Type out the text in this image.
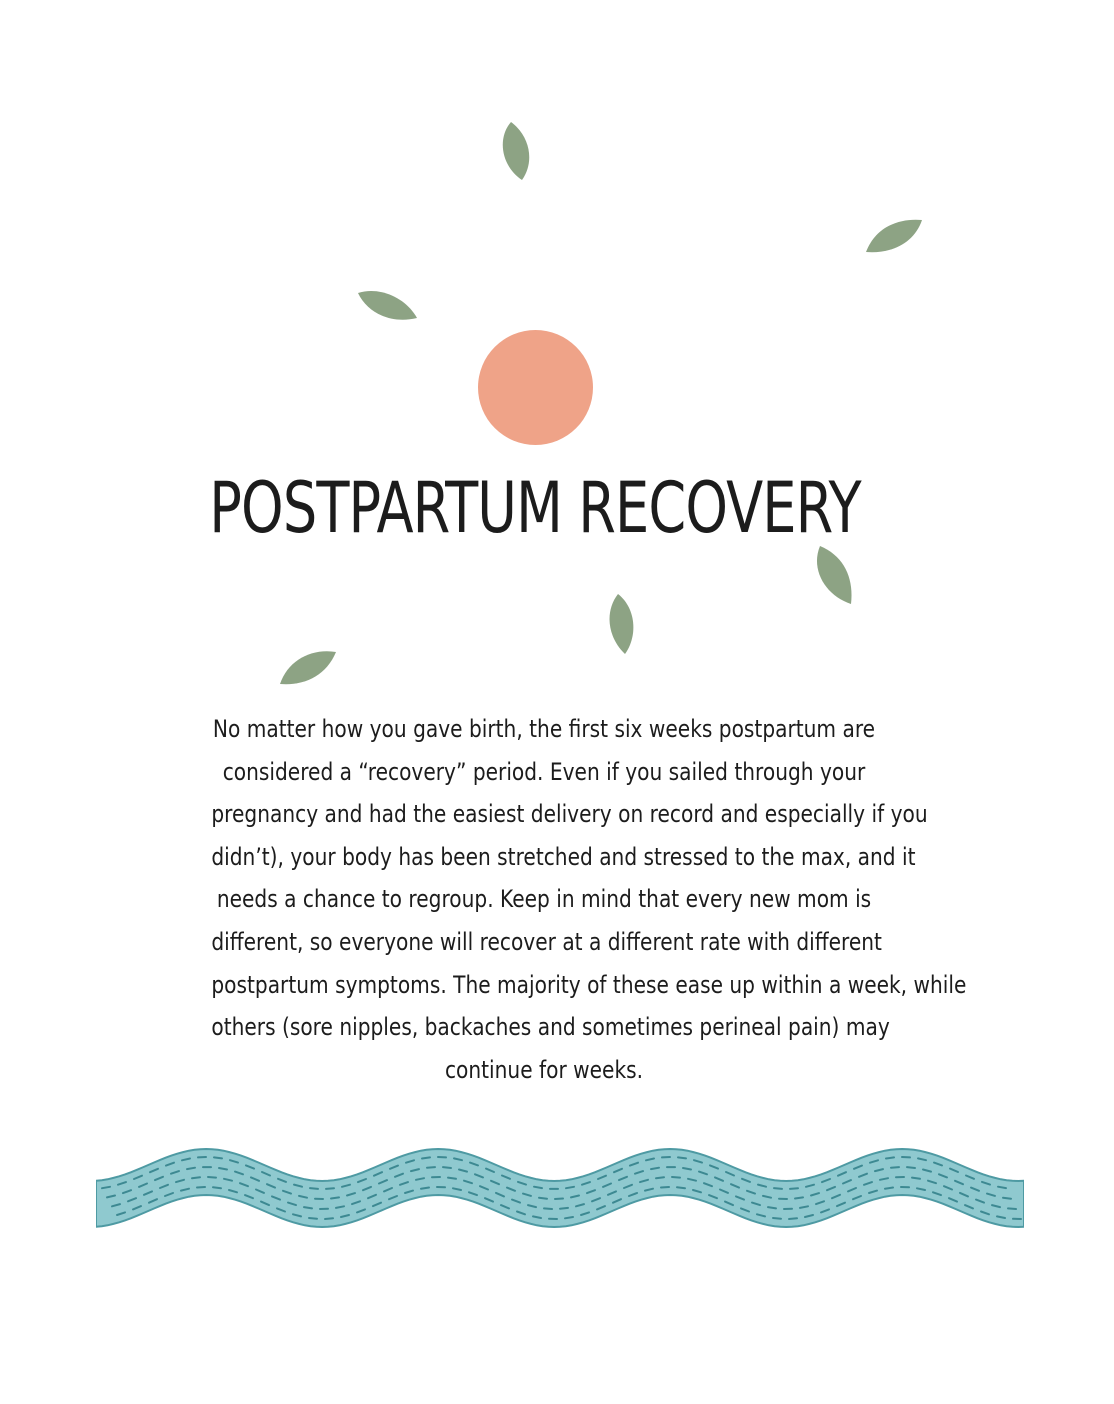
POSTPARTUM RECOVERY

No matter how you gave birth, the first six weeks postpartum are
considered a “recovery” period. Even if you sailed through your
pregnancy and had the easiest delivery on record and especially if you
didn’t), your body has been stretched and stressed to the max, and it
needs a chance to regroup. Keep in mind that every new mom is
different, so everyone will recover at a different rate with different
postpartum symptoms. The majority of these ease up within a week, while
others (sore nipples, backaches and sometimes perineal pain) may
continue for weeks.
